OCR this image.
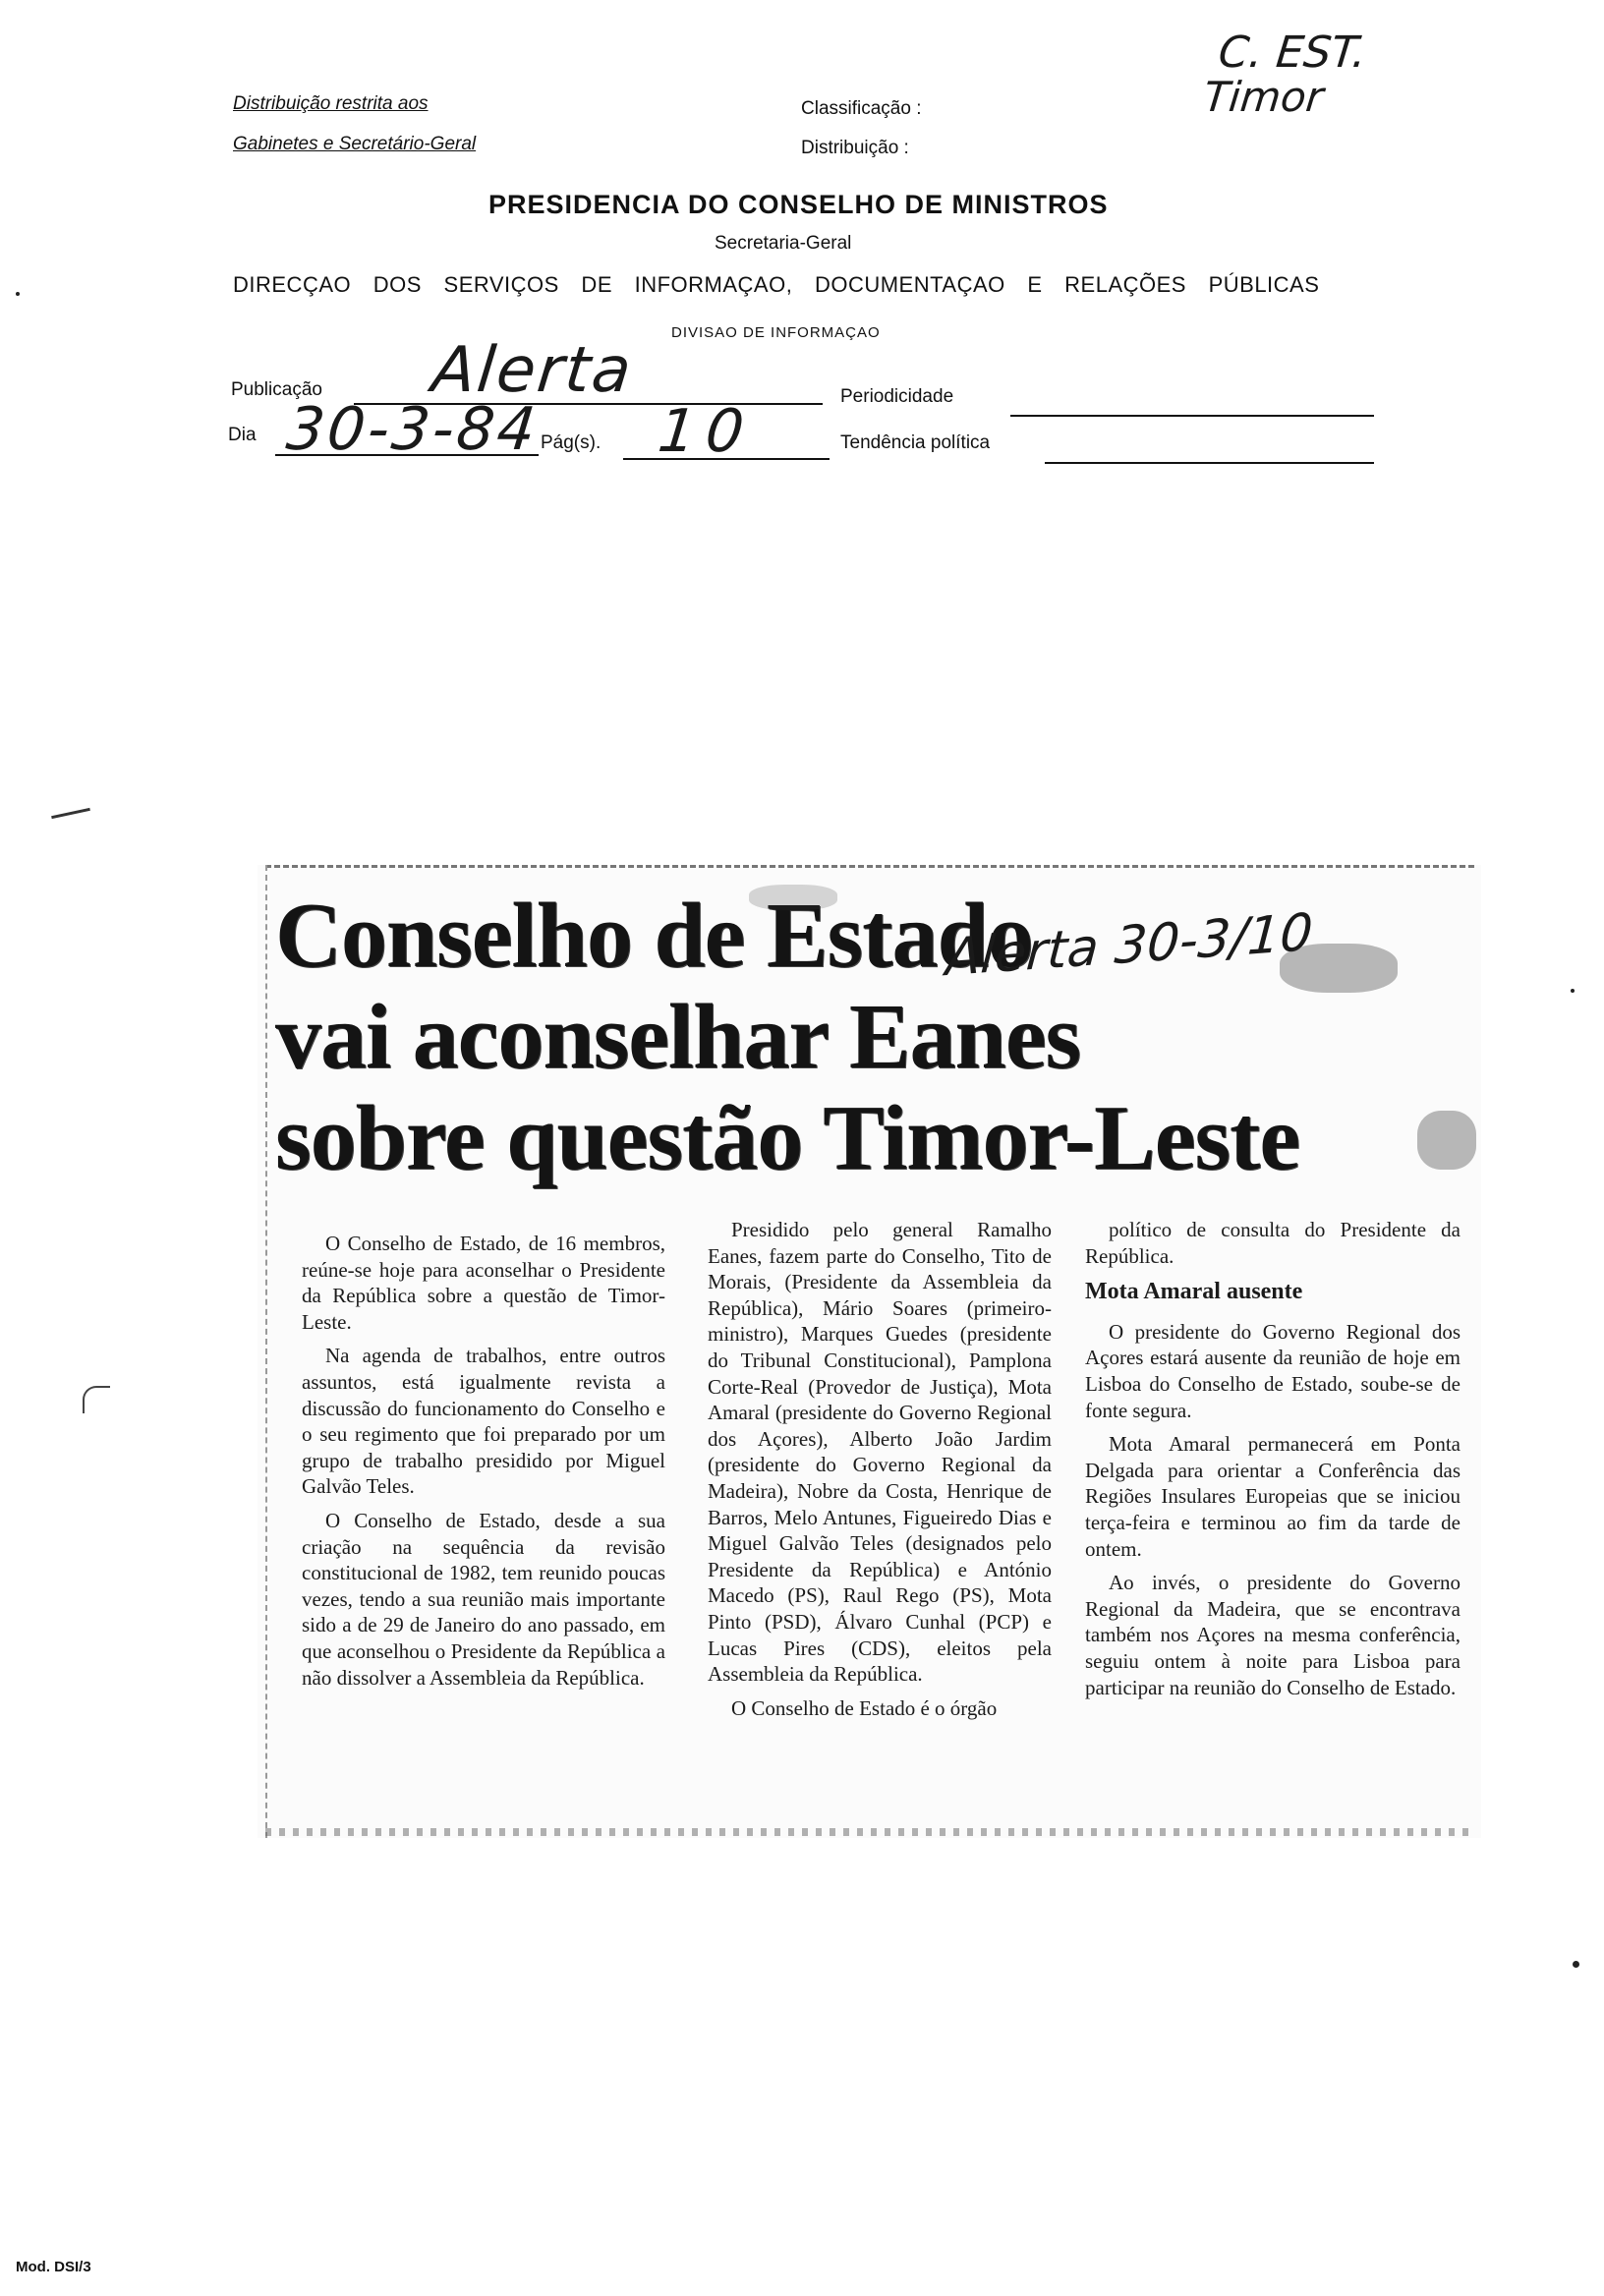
Distribuição restrita aos
Gabinetes e Secretário-Geral
Classificação :
Distribuição :
C. EST.
Timor
PRESIDENCIA DO CONSELHO DE MINISTROS
Secretaria-Geral
DIRECÇAO DOS SERVIÇOS DE INFORMAÇAO, DOCUMENTAÇAO E RELAÇÕES PÚBLICAS
DIVISAO DE INFORMAÇAO
Publicação Alerta	Periodicidade
Dia 30-3-84 Pág(s). 10	Tendência política
Conselho de Estado
vai aconselhar Eanes
sobre questão Timor-Leste
Alerta 30-3/10

O Conselho de Estado, de 16 membros, reúne-se hoje para aconselhar o Presidente da República sobre a questão de Timor-Leste.

Na agenda de trabalhos, entre outros assuntos, está igualmente revista a discussão do funcionamento do Conselho e o seu regimento que foi preparado por um grupo de trabalho presidido por Miguel Galvão Teles.

O Conselho de Estado, desde a sua criação na sequência da revisão constitucional de 1982, tem reunido poucas vezes, tendo a sua reunião mais importante sido a de 29 de Janeiro do ano passado, em que aconselhou o Presidente da República a não dissolver a Assembleia da República.

Presidido pelo general Ramalho Eanes, fazem parte do Conselho, Tito de Morais, (Presidente da Assembleia da República), Mário Soares (primeiro-ministro), Marques Guedes (presidente do Tribunal Constitucional), Pamplona Corte-Real (Provedor de Justiça), Mota Amaral (presidente do Governo Regional dos Açores), Alberto João Jardim (presidente do Governo Regional da Madeira), Nobre da Costa, Henrique de Barros, Melo Antunes, Figueiredo Dias e Miguel Galvão Teles (designados pelo Presidente da República) e António Macedo (PS), Raul Rego (PS), Mota Pinto (PSD), Álvaro Cunhal (PCP) e Lucas Pires (CDS), eleitos pela Assembleia da República.

O Conselho de Estado é o órgão

político de consulta do Presidente da República.

Mota Amaral ausente

O presidente do Governo Regional dos Açores estará ausente da reunião de hoje em Lisboa do Conselho de Estado, soube-se de fonte segura.

Mota Amaral permanecerá em Ponta Delgada para orientar a Conferência das Regiões Insulares Europeias que se iniciou terça-feira e terminou ao fim da tarde de ontem.

Ao invés, o presidente do Governo Regional da Madeira, que se encontrava também nos Açores na mesma conferência, seguiu ontem à noite para Lisboa para participar na reunião do Conselho de Estado.

Mod. DSI/3
